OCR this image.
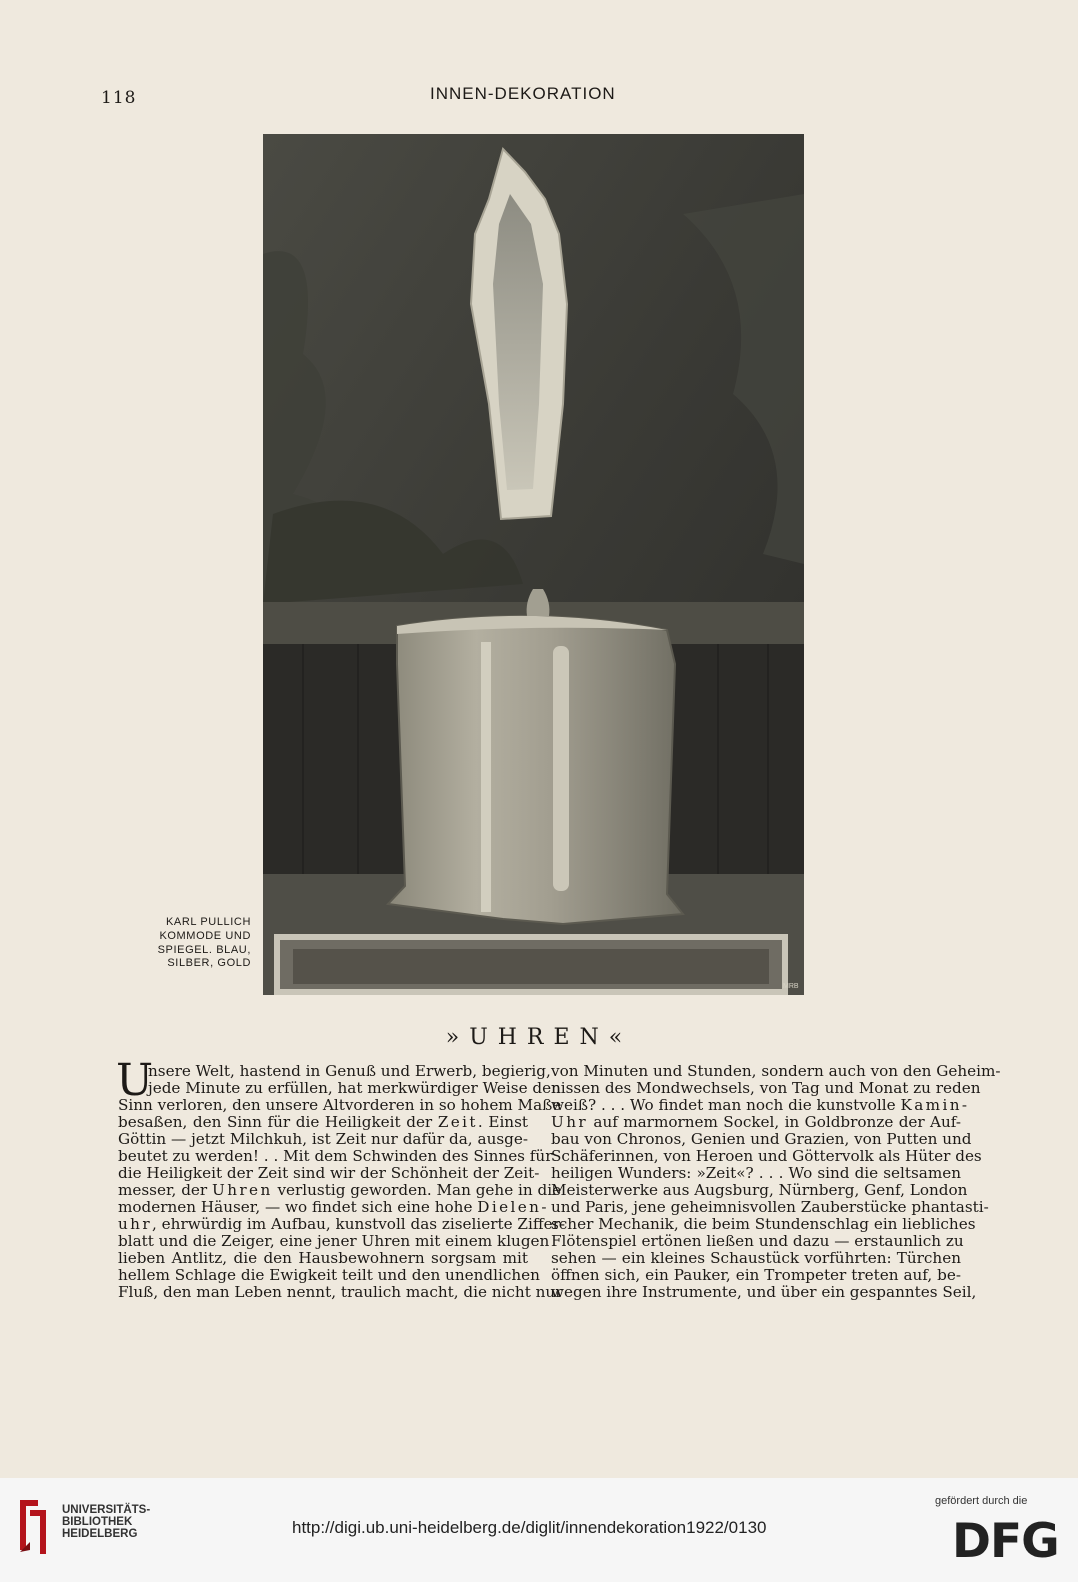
118	INNEN-DEKORATION
MRB
KARL PULLICH
KOMMODE UND
SPIEGEL. BLAU,
SILBER, GOLD
»UHREN«
U
nsere Welt, hastend in Genuß und Erwerb, begierig,
jede Minute zu erfüllen, hat merkwürdiger Weise den
Sinn verloren, den unsere Altvorderen in so hohem Maße
besaßen, den Sinn für die Heiligkeit der Zeit. Einst
Göttin — jetzt Milchkuh, ist Zeit nur dafür da, ausge-
beutet zu werden! . . Mit dem Schwinden des Sinnes für
die Heiligkeit der Zeit sind wir der Schönheit der Zeit-
messer, der Uhren verlustig geworden. Man gehe in die
modernen Häuser, — wo findet sich eine hohe Dielen-
uhr, ehrwürdig im Aufbau, kunstvoll das ziselierte Ziffer-
blatt und die Zeiger, eine jener Uhren mit einem klugen
lieben Antlitz, die den Hausbewohnern sorgsam mit
hellem Schlage die Ewigkeit teilt und den unendlichen
Fluß, den man Leben nennt, traulich macht, die nicht nur
von Minuten und Stunden, sondern auch von den Geheim-
nissen des Mondwechsels, von Tag und Monat zu reden
weiß? . . . Wo findet man noch die kunstvolle Kamin-
Uhr auf marmornem Sockel, in Goldbronze der Auf-
bau von Chronos, Genien und Grazien, von Putten und
Schäferinnen, von Heroen und Göttervolk als Hüter des
heiligen Wunders: »Zeit«? . . . Wo sind die seltsamen
Meisterwerke aus Augsburg, Nürnberg, Genf, London
und Paris, jene geheimnisvollen Zauberstücke phantasti-
scher Mechanik, die beim Stundenschlag ein liebliches
Flötenspiel ertönen ließen und dazu — erstaunlich zu
sehen — ein kleines Schaustück vorführten: Türchen
öffnen sich, ein Pauker, ein Trompeter treten auf, be-
wegen ihre Instrumente, und über ein gespanntes Seil,
UNIVERSITÄTS-
BIBLIOTHEK
HEIDELBERG	http://digi.ub.uni-heidelberg.de/diglit/innendekoration1922/0130
gefördert durch die
DFG
